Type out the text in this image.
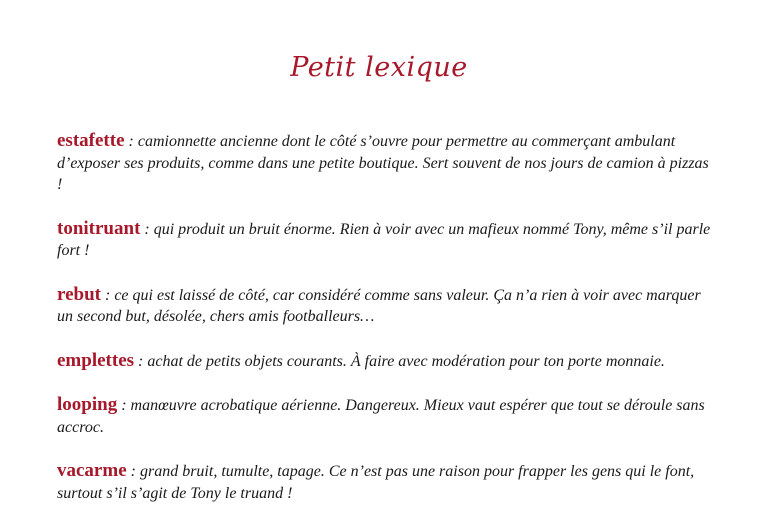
Petit lexique

estafette : camionnette ancienne dont le côté s’ouvre pour permettre au commerçant ambulant d’exposer ses produits, comme dans une petite boutique. Sert souvent de nos jours de camion à pizzas !

tonitruant : qui produit un bruit énorme. Rien à voir avec un mafieux nommé Tony, même s’il parle fort !

rebut : ce qui est laissé de côté, car considéré comme sans valeur. Ça n’a rien à voir avec marquer un second but, désolée, chers amis footballeurs…

emplettes : achat de petits objets courants. À faire avec modération pour ton porte monnaie.

looping : manœuvre acrobatique aérienne. Dangereux. Mieux vaut espérer que tout se déroule sans accroc.

vacarme : grand bruit, tumulte, tapage. Ce n’est pas une raison pour frapper les gens qui le font, surtout s’il s’agit de Tony le truand !
